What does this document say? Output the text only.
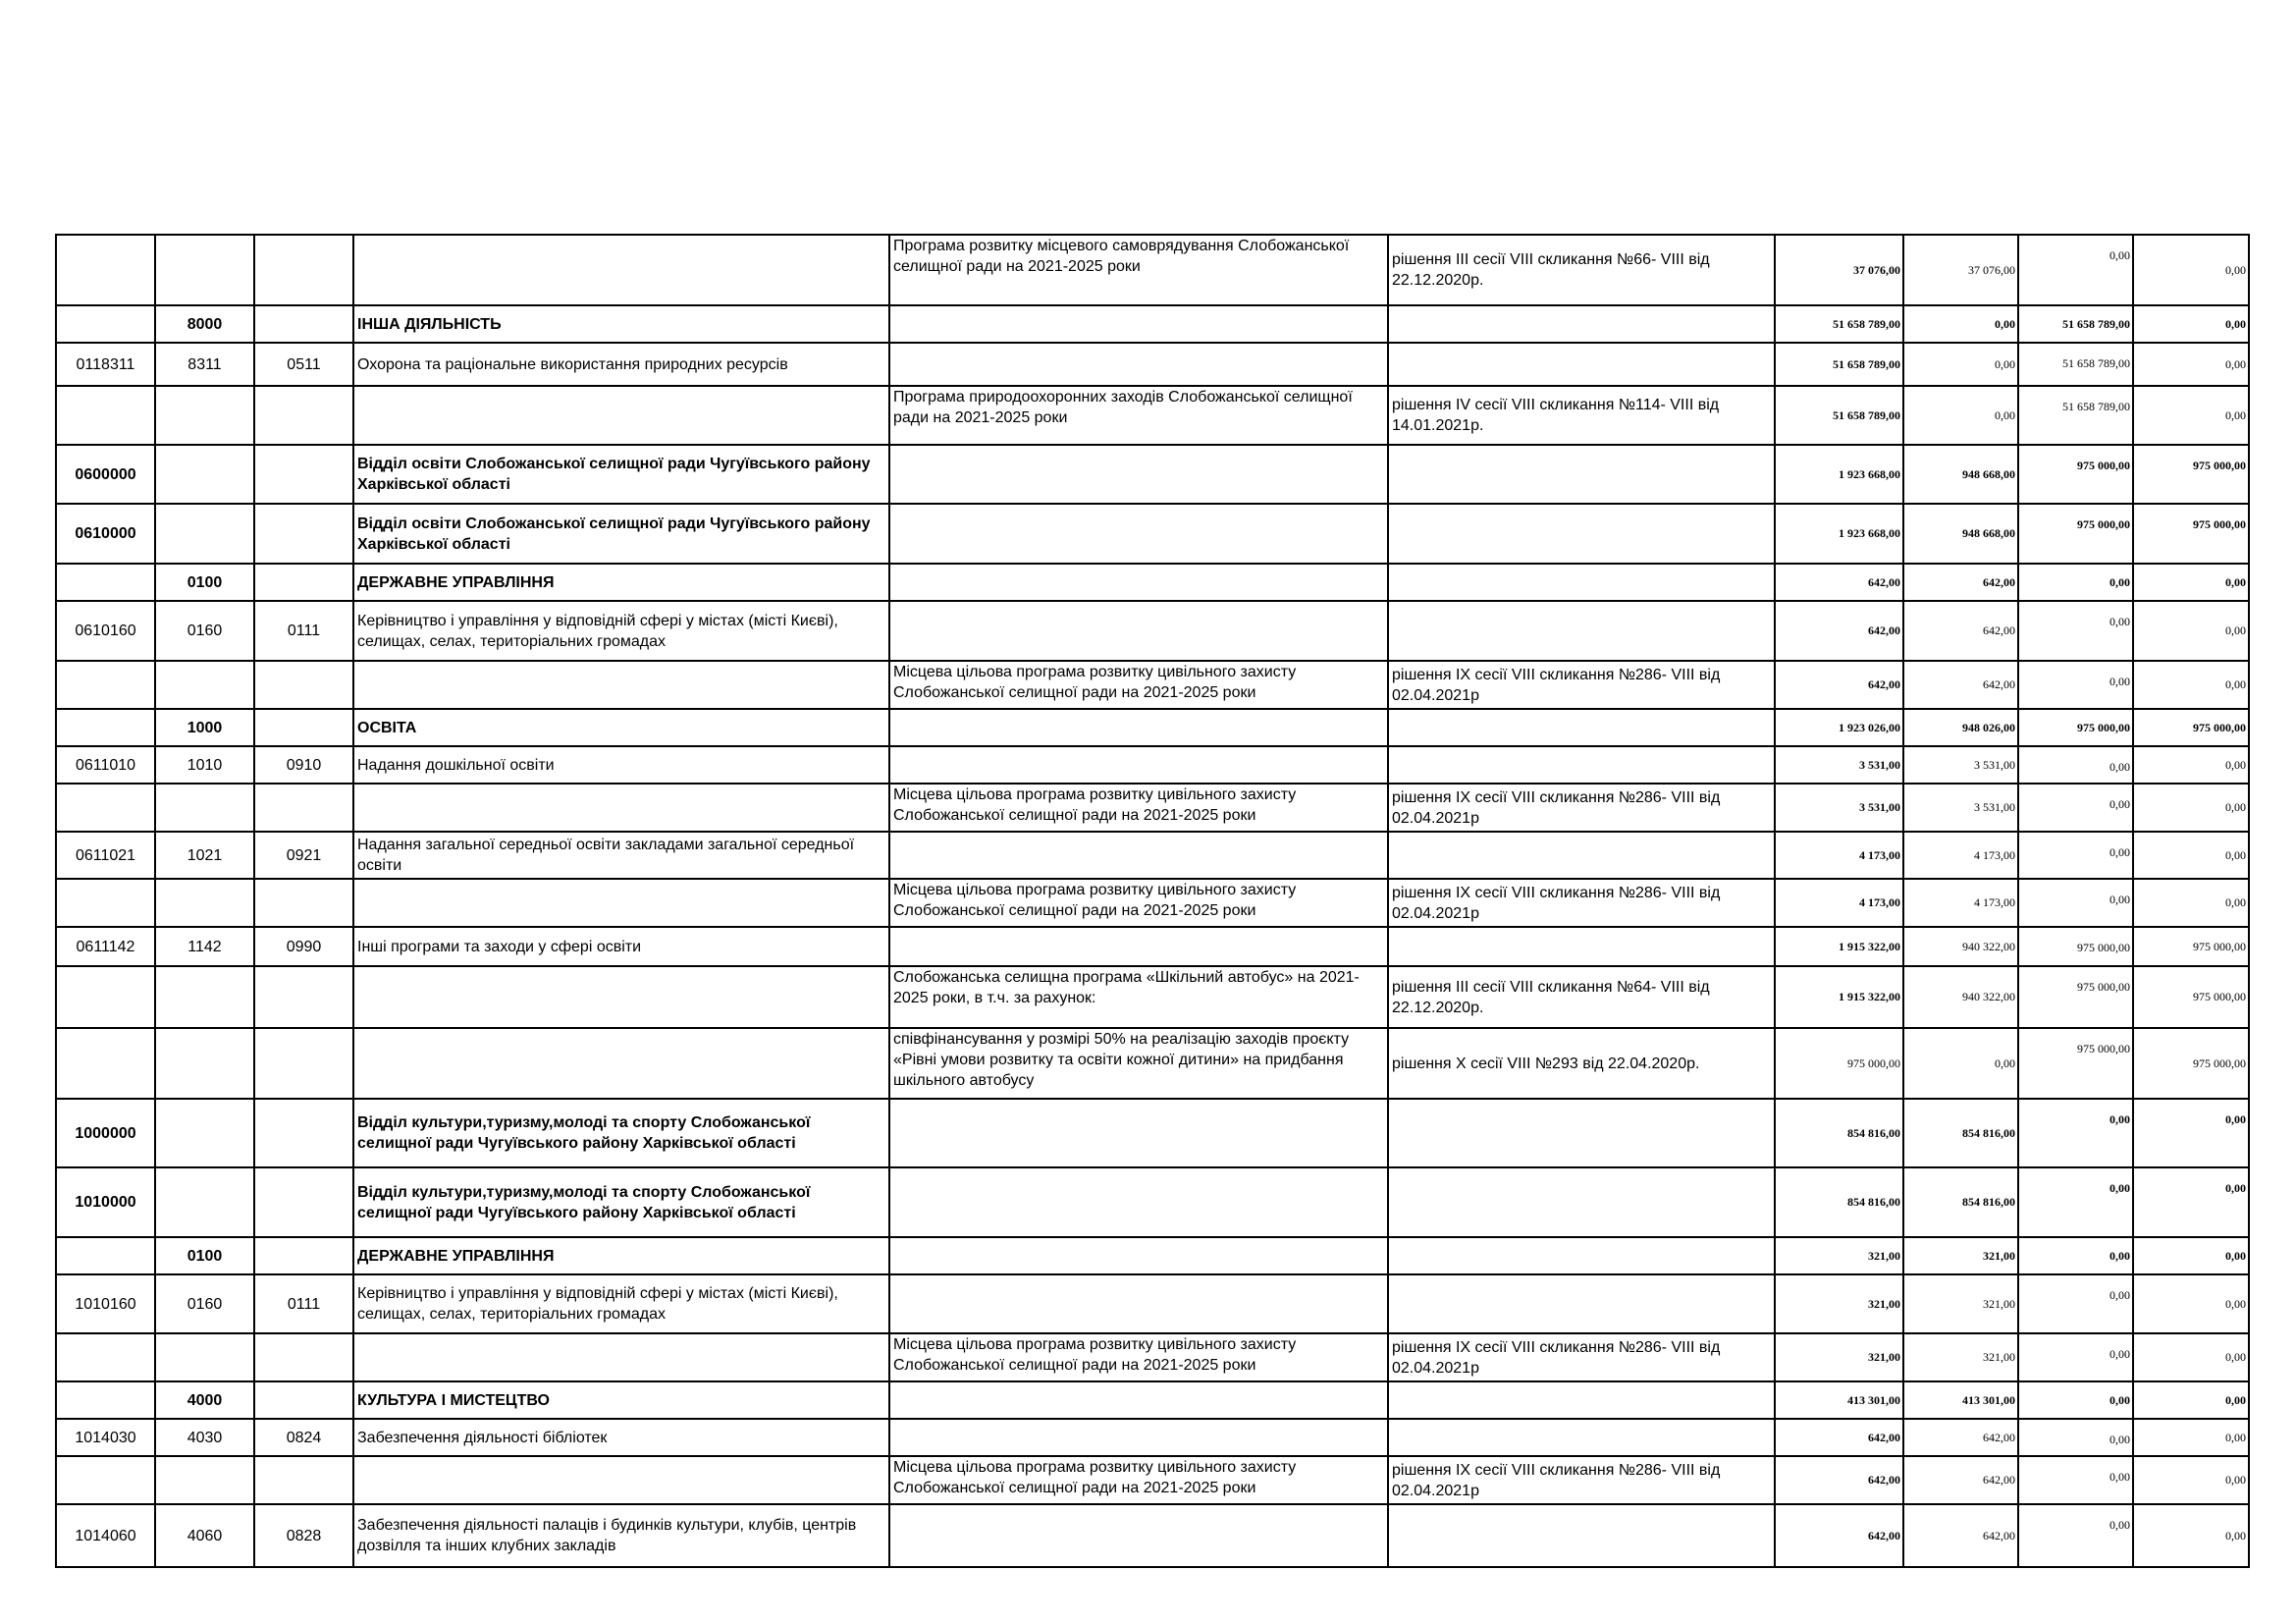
				Програма розвитку місцевого самоврядування Слобожанської селищної ради на 2021-2025 роки	рішення ІІІ сесії VIII скликання №66- VIII від 22.12.2020р.	37 076,00	37 076,00	0,00	0,00
	8000		ІНША ДІЯЛЬНІСТЬ			51 658 789,00	0,00	51 658 789,00	0,00
0118311	8311	0511	Охорона та раціональне використання природних ресурсів			51 658 789,00	0,00	51 658 789,00	0,00
				Програма природоохоронних заходів Слобожанської селищної ради на 2021-2025 роки	рішення ІV сесії VIII скликання №114- VIII від 14.01.2021р.	51 658 789,00	0,00	51 658 789,00	0,00
0600000			Відділ освіти Слобожанської селищної ради Чугуївського району Харківської області			1 923 668,00	948 668,00	975 000,00	975 000,00
0610000			Відділ освіти Слобожанської селищної ради Чугуївського району Харківської області			1 923 668,00	948 668,00	975 000,00	975 000,00
	0100		ДЕРЖАВНЕ УПРАВЛІННЯ			642,00	642,00	0,00	0,00
0610160	0160	0111	Керівництво і управління у відповідній сфері у містах (місті Києві), селищах, селах, територіальних громадах			642,00	642,00	0,00	0,00
				Місцева цільова програма розвитку цивільного захисту Слобожанської селищної ради на 2021-2025 роки	рішення ІХ сесії VIII скликання №286- VIII від 02.04.2021р	642,00	642,00	0,00	0,00
	1000		ОСВІТА			1 923 026,00	948 026,00	975 000,00	975 000,00
0611010	1010	0910	Надання дошкільної освіти			3 531,00	3 531,00	0,00	0,00
				Місцева цільова програма розвитку цивільного захисту Слобожанської селищної ради на 2021-2025 роки	рішення ІХ сесії VIII скликання №286- VIII від 02.04.2021р	3 531,00	3 531,00	0,00	0,00
0611021	1021	0921	Надання загальної середньої освіти закладами загальної середньої освіти			4 173,00	4 173,00	0,00	0,00
				Місцева цільова програма розвитку цивільного захисту Слобожанської селищної ради на 2021-2025 роки	рішення ІХ сесії VIII скликання №286- VIII від 02.04.2021р	4 173,00	4 173,00	0,00	0,00
0611142	1142	0990	Інші програми та заходи у сфері освіти			1 915 322,00	940 322,00	975 000,00	975 000,00
				Слобожанська селищна програма «Шкільний автобус» на 2021-2025 роки, в т.ч. за рахунок:	рішення ІІІ сесії VIII скликання №64- VIII від 22.12.2020р.	1 915 322,00	940 322,00	975 000,00	975 000,00
				співфінансування у розмірі 50% на реалізацію заходів проєкту «Рівні умови розвитку та освіти кожної дитини» на придбання шкільного автобусу	рішення Х сесії VIII №293 від 22.04.2020р.	975 000,00	0,00	975 000,00	975 000,00
1000000			Відділ культури,туризму,молоді та спорту Слобожанської селищної ради Чугуївського району Харківської області			854 816,00	854 816,00	0,00	0,00
1010000			Відділ культури,туризму,молоді та спорту Слобожанської селищної ради Чугуївського району Харківської області			854 816,00	854 816,00	0,00	0,00
	0100		ДЕРЖАВНЕ УПРАВЛІННЯ			321,00	321,00	0,00	0,00
1010160	0160	0111	Керівництво і управління у відповідній сфері у містах (місті Києві), селищах, селах, територіальних громадах			321,00	321,00	0,00	0,00
				Місцева цільова програма розвитку цивільного захисту Слобожанської селищної ради на 2021-2025 роки	рішення ІХ сесії VIII скликання №286- VIII від 02.04.2021р	321,00	321,00	0,00	0,00
	4000		КУЛЬТУРА І МИСТЕЦТВО			413 301,00	413 301,00	0,00	0,00
1014030	4030	0824	Забезпечення діяльності бібліотек			642,00	642,00	0,00	0,00
				Місцева цільова програма розвитку цивільного захисту Слобожанської селищної ради на 2021-2025 роки	рішення ІХ сесії VIII скликання №286- VIII від 02.04.2021р	642,00	642,00	0,00	0,00
1014060	4060	0828	Забезпечення діяльності палаців і будинків культури, клубів, центрів дозвілля та інших клубних закладів			642,00	642,00	0,00	0,00
